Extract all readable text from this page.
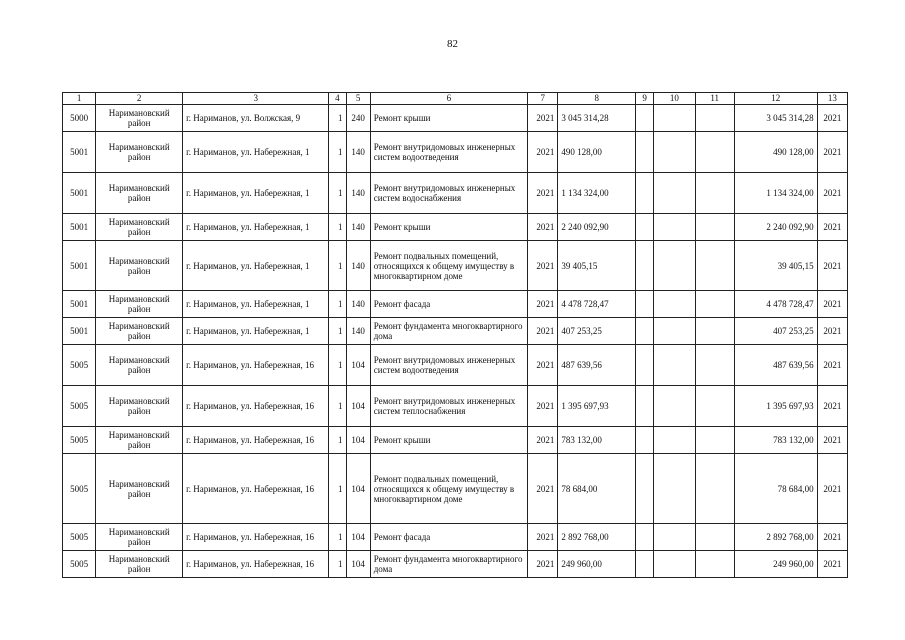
82
1	2	3	4	5	6	7	8	9	10	11	12	13
5000	Наримановский район	г. Нариманов, ул. Волжская, 9	1	240	Ремонт крыши	2021	3 045 314,28				3 045 314,28	2021
5001	Наримановский район	г. Нариманов, ул. Набережная, 1	1	140	Ремонт внутридомовых инженерных систем водоотведения	2021	490 128,00				490 128,00	2021
5001	Наримановский район	г. Нариманов, ул. Набережная, 1	1	140	Ремонт внутридомовых инженерных систем водоснабжения	2021	1 134 324,00				1 134 324,00	2021
5001	Наримановский район	г. Нариманов, ул. Набережная, 1	1	140	Ремонт крыши	2021	2 240 092,90				2 240 092,90	2021
5001	Наримановский район	г. Нариманов, ул. Набережная, 1	1	140	Ремонт подвальных помещений, относящихся к общему имуществу в многоквартирном доме	2021	39 405,15				39 405,15	2021
5001	Наримановский район	г. Нариманов, ул. Набережная, 1	1	140	Ремонт фасада	2021	4 478 728,47				4 478 728,47	2021
5001	Наримановский район	г. Нариманов, ул. Набережная, 1	1	140	Ремонт фундамента многоквартирного дома	2021	407 253,25				407 253,25	2021
5005	Наримановский район	г. Нариманов, ул. Набережная, 16	1	104	Ремонт внутридомовых инженерных систем водоотведения	2021	487 639,56				487 639,56	2021
5005	Наримановский район	г. Нариманов, ул. Набережная, 16	1	104	Ремонт внутридомовых инженерных систем теплоснабжения	2021	1 395 697,93				1 395 697,93	2021
5005	Наримановский район	г. Нариманов, ул. Набережная, 16	1	104	Ремонт крыши	2021	783 132,00				783 132,00	2021
5005	Наримановский район	г. Нариманов, ул. Набережная, 16	1	104	Ремонт подвальных помещений, относящихся к общему имуществу в многоквартирном доме	2021	78 684,00				78 684,00	2021
5005	Наримановский район	г. Нариманов, ул. Набережная, 16	1	104	Ремонт фасада	2021	2 892 768,00				2 892 768,00	2021
5005	Наримановский район	г. Нариманов, ул. Набережная, 16	1	104	Ремонт фундамента многоквартирного дома	2021	249 960,00				249 960,00	2021
